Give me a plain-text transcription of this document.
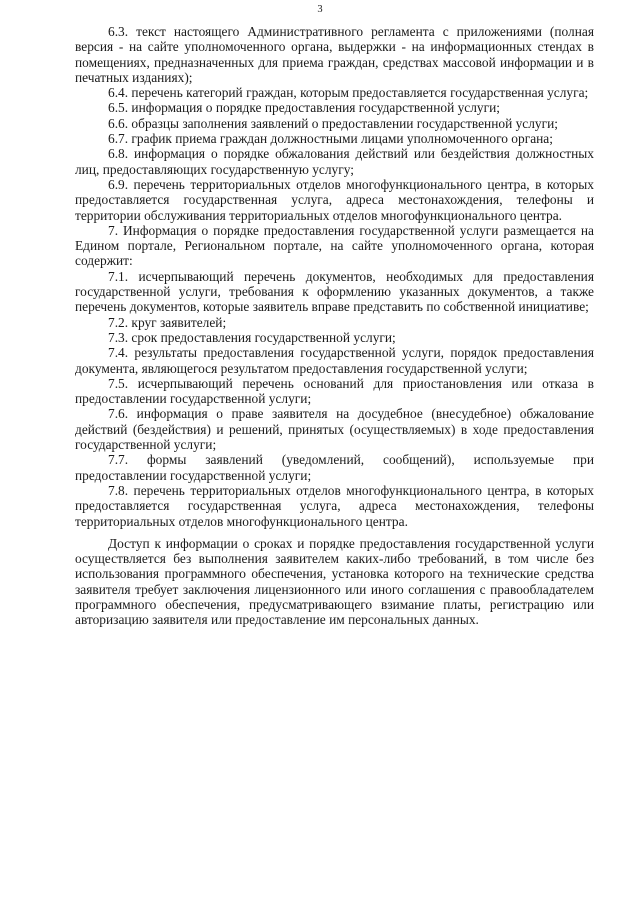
3

6.3. текст настоящего Административного регламента с приложениями (полная версия - на сайте уполномоченного органа, выдержки - на информационных стендах в помещениях, предназначенных для приема граждан, средствах массовой информации и в печатных изданиях);

6.4. перечень категорий граждан, которым предоставляется государственная услуга;

6.5. информация о порядке предоставления государственной услуги;

6.6. образцы заполнения заявлений о предоставлении государственной услуги;

6.7. график приема граждан должностными лицами уполномоченного органа;

6.8. информация о порядке обжалования действий или бездействия должностных лиц, предоставляющих государственную услугу;

6.9. перечень территориальных отделов многофункционального центра, в которых предоставляется государственная услуга, адреса местонахождения, телефоны и территории обслуживания территориальных отделов многофункционального центра.

7. Информация о порядке предоставления государственной услуги размещается на Едином портале, Региональном портале, на сайте уполномоченного органа, которая содержит:

7.1. исчерпывающий перечень документов, необходимых для предоставления государственной услуги, требования к оформлению указанных документов, а также перечень документов, которые заявитель вправе представить по собственной инициативе;

7.2. круг заявителей;

7.3. срок предоставления государственной услуги;

7.4. результаты предоставления государственной услуги, порядок предоставления документа, являющегося результатом предоставления государственной услуги;

7.5. исчерпывающий перечень оснований для приостановления или отказа в предоставлении государственной услуги;

7.6. информация о праве заявителя на досудебное (внесудебное) обжалование действий (бездействия) и решений, принятых (осуществляемых) в ходе предоставления государственной услуги;

7.7. формы заявлений (уведомлений, сообщений), используемые при предоставлении государственной услуги;

7.8. перечень территориальных отделов многофункционального центра, в которых предоставляется государственная услуга, адреса местонахождения, телефоны территориальных отделов многофункционального центра.

Доступ к информации о сроках и порядке предоставления государственной услуги осуществляется без выполнения заявителем каких-либо требований, в том числе без использования программного обеспечения, установка которого на технические средства заявителя требует заключения лицензионного или иного соглашения с правообладателем программного обеспечения, предусматривающего взимание платы, регистрацию или авторизацию заявителя или предоставление им персональных данных.
